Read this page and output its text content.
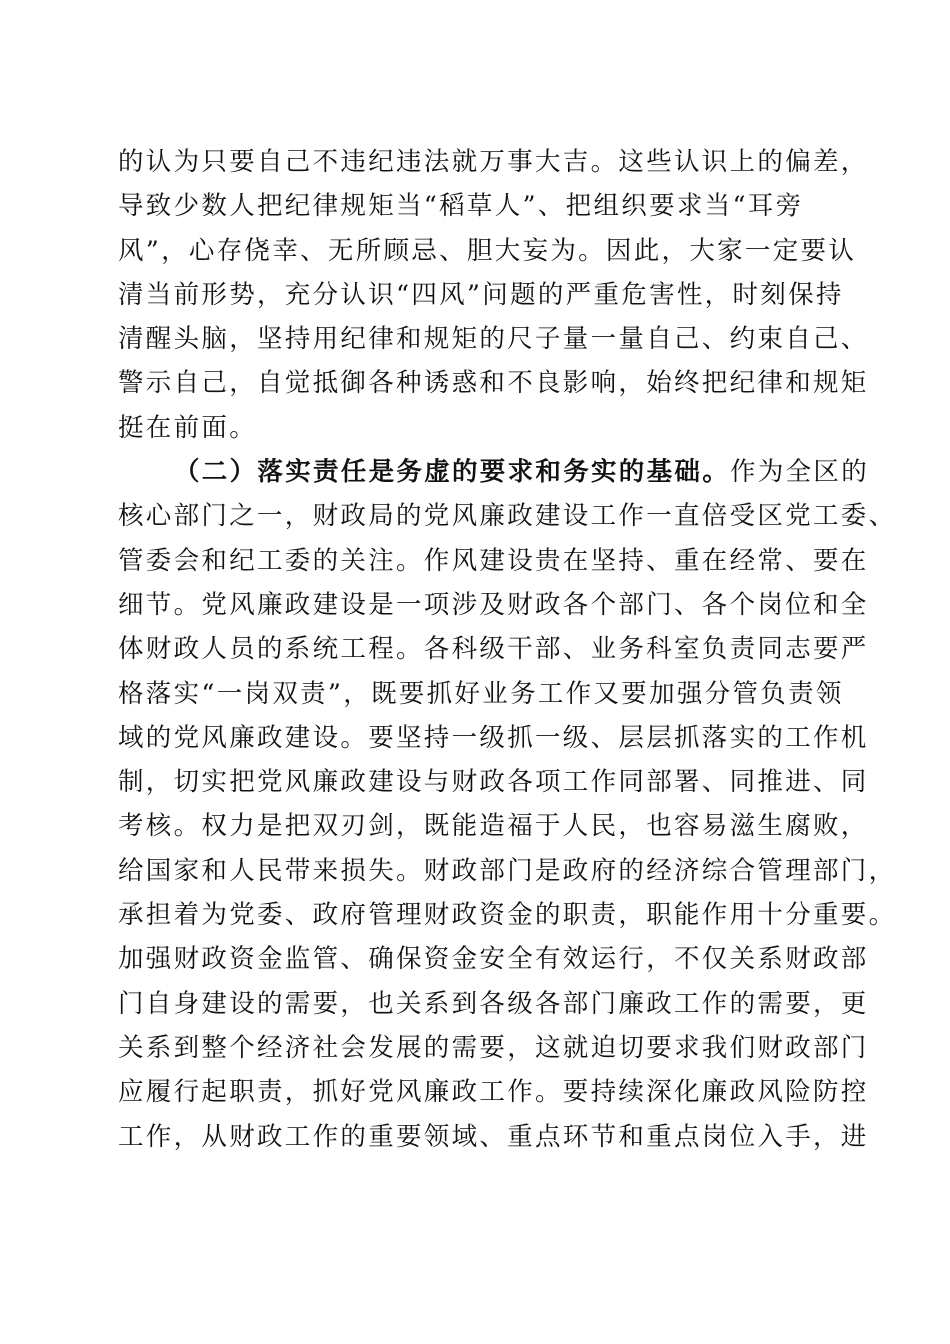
的认为只要自己不违纪违法就万事大吉。这些认识上的偏差，
导致少数人把纪律规矩当“稻草人”、把组织要求当“耳旁
风”，心存侥幸、无所顾忌、胆大妄为。因此，大家一定要认
清当前形势，充分认识“四风”问题的严重危害性，时刻保持
清醒头脑，坚持用纪律和规矩的尺子量一量自己、约束自己、
警示自己，自觉抵御各种诱惑和不良影响，始终把纪律和规矩
挺在前面。
（二）落实责任是务虚的要求和务实的基础。作为全区的
核心部门之一，财政局的党风廉政建设工作一直倍受区党工委、
管委会和纪工委的关注。作风建设贵在坚持、重在经常、要在
细节。党风廉政建设是一项涉及财政各个部门、各个岗位和全
体财政人员的系统工程。各科级干部、业务科室负责同志要严
格落实“一岗双责”，既要抓好业务工作又要加强分管负责领
域的党风廉政建设。要坚持一级抓一级、层层抓落实的工作机
制，切实把党风廉政建设与财政各项工作同部署、同推进、同
考核。权力是把双刃剑，既能造福于人民，也容易滋生腐败，
给国家和人民带来损失。财政部门是政府的经济综合管理部门，
承担着为党委、政府管理财政资金的职责，职能作用十分重要。
加强财政资金监管、确保资金安全有效运行，不仅关系财政部
门自身建设的需要，也关系到各级各部门廉政工作的需要，更
关系到整个经济社会发展的需要，这就迫切要求我们财政部门
应履行起职责，抓好党风廉政工作。要持续深化廉政风险防控
工作，从财政工作的重要领域、重点环节和重点岗位入手，进
